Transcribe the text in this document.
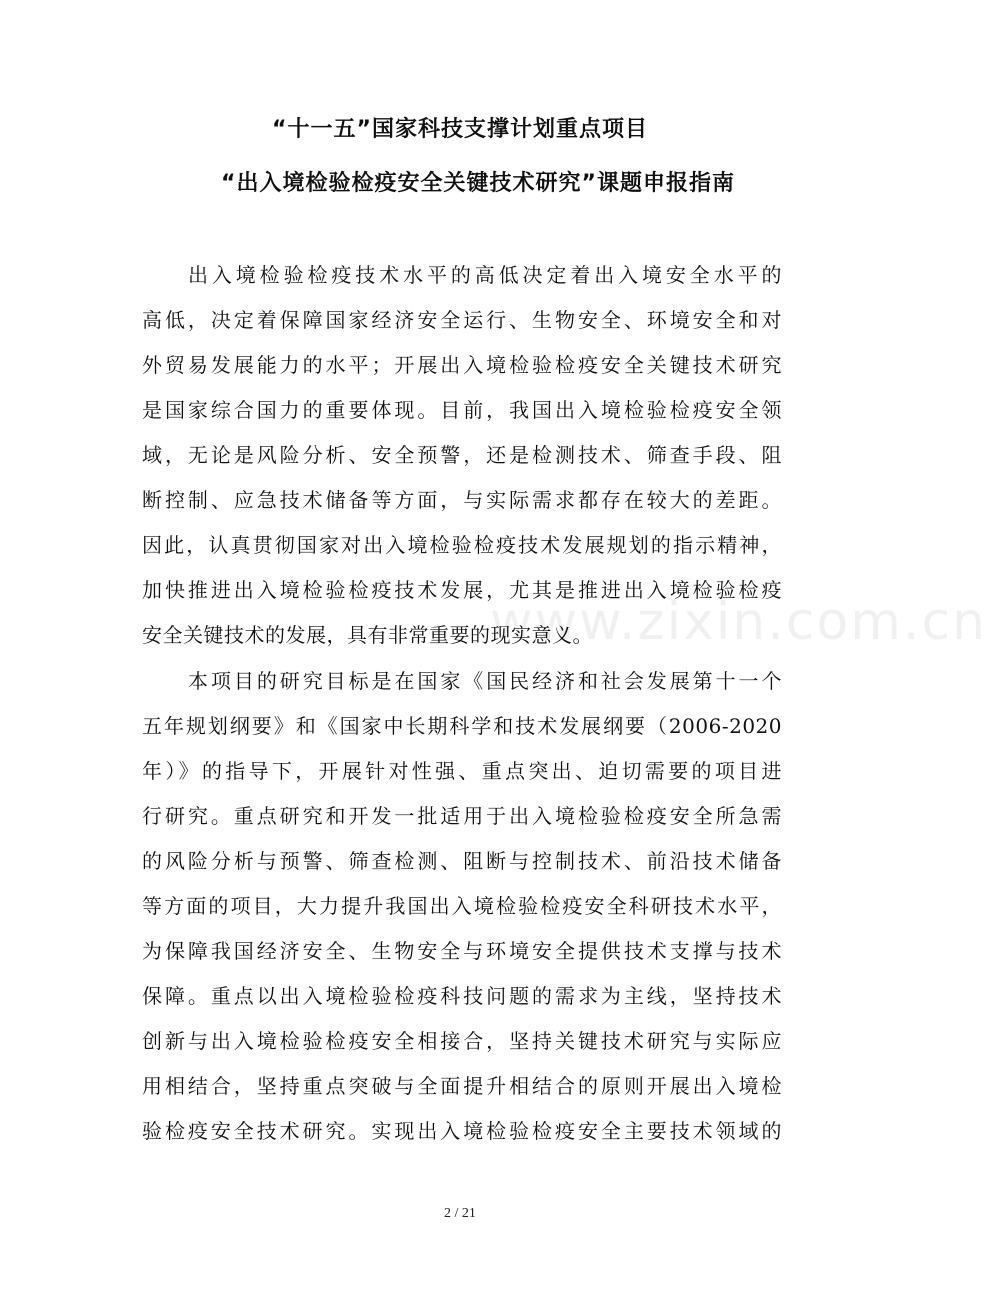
“十一五”国家科技支撑计划重点项目
“出入境检验检疫安全关键技术研究”课题申报指南
出入境检验检疫技术水平的高低决定着出入境安全水平的
高低，决定着保障国家经济安全运行、生物安全、环境安全和对
外贸易发展能力的水平；开展出入境检验检疫安全关键技术研究
是国家综合国力的重要体现。目前，我国出入境检验检疫安全领
域，无论是风险分析、安全预警，还是检测技术、筛查手段、阻
断控制、应急技术储备等方面，与实际需求都存在较大的差距。
因此，认真贯彻国家对出入境检验检疫技术发展规划的指示精神，
加快推进出入境检验检疫技术发展，尤其是推进出入境检验检疫
安全关键技术的发展，具有非常重要的现实意义。
本项目的研究目标是在国家《国民经济和社会发展第十一个
五年规划纲要》和《国家中长期科学和技术发展纲要（2006-2020
年）》的指导下，开展针对性强、重点突出、迫切需要的项目进
行研究。重点研究和开发一批适用于出入境检验检疫安全所急需
的风险分析与预警、筛查检测、阻断与控制技术、前沿技术储备
等方面的项目，大力提升我国出入境检验检疫安全科研技术水平，
为保障我国经济安全、生物安全与环境安全提供技术支撑与技术
保障。重点以出入境检验检疫科技问题的需求为主线，坚持技术
创新与出入境检验检疫安全相接合，坚持关键技术研究与实际应
用相结合，坚持重点突破与全面提升相结合的原则开展出入境检
验检疫安全技术研究。实现出入境检验检疫安全主要技术领域的
www.zixin.com.cn
2 / 21
